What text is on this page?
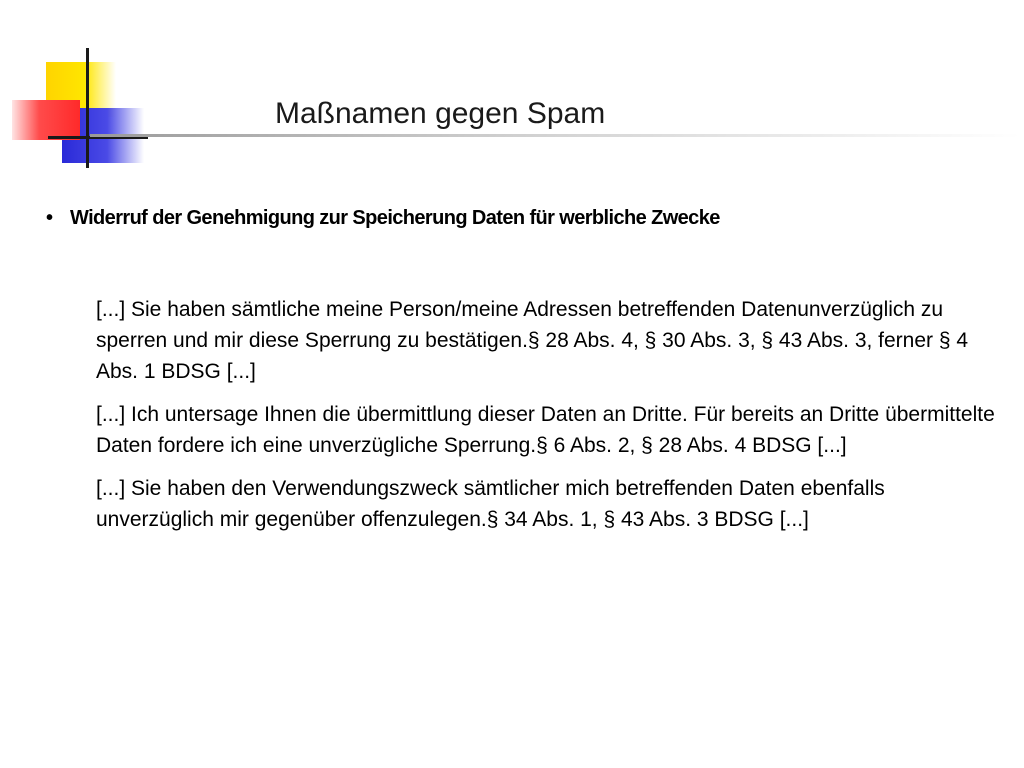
Maßnamen gegen Spam
• Widerruf der Genehmigung zur Speicherung Daten für werbliche Zwecke

[...] Sie haben sämtliche meine Person/meine Adressen betreffenden Datenunverzüglich zu sperren und mir diese Sperrung zu bestätigen.§ 28 Abs. 4, § 30 Abs. 3, § 43 Abs. 3, ferner § 4 Abs. 1 BDSG [...]

[...] Ich untersage Ihnen die übermittlung dieser Daten an Dritte. Für bereits an Dritte übermittelte Daten fordere ich eine unverzügliche Sperrung.§ 6 Abs. 2, § 28 Abs. 4 BDSG [...]

[...] Sie haben den Verwendungszweck sämtlicher mich betreffenden Daten ebenfalls unverzüglich mir gegenüber offenzulegen.§ 34 Abs. 1, § 43 Abs. 3 BDSG [...]
